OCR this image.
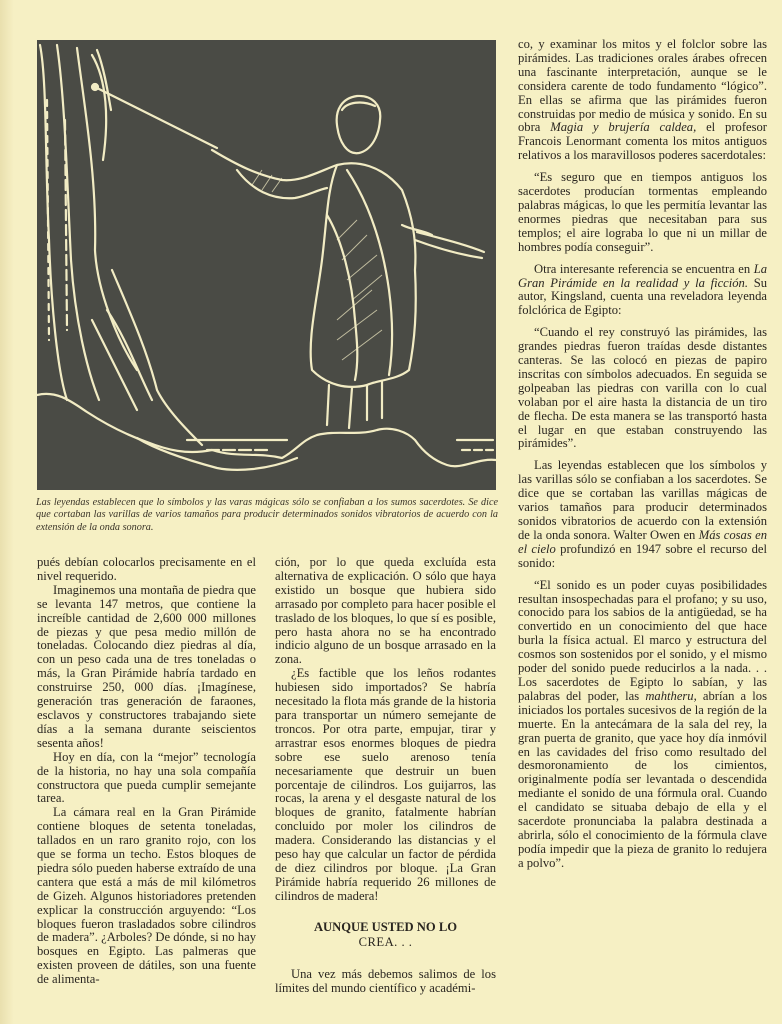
Las leyendas establecen que lo símbolos y las varas mágicas sólo se confiaban a los sumos sacerdotes. Se dice que cortaban las varillas de varios tamaños para producir determinados sonidos vibratorios de acuerdo con la extensión de la onda sonora.

pués debían colocarlos precisamente en el nivel requerido.

Imaginemos una montaña de piedra que se levanta 147 metros, que contiene la increíble cantidad de 2,600 000 millones de piezas y que pesa medio millón de toneladas. Colocando diez piedras al día, con un peso cada una de tres toneladas o más, la Gran Pirámide habría tardado en construirse 250, 000 días. ¡Imagínese, generación tras generación de faraones, esclavos y constructores trabajando siete días a la semana durante seiscientos sesenta años!

Hoy en día, con la “mejor” tecnología de la historia, no hay una sola compañía constructora que pueda cumplir semejante tarea.

La cámara real en la Gran Pirámide contiene bloques de setenta toneladas, tallados en un raro granito rojo, con los que se forma un techo. Estos bloques de piedra sólo pueden haberse extraído de una cantera que está a más de mil kilómetros de Gizeh. Algunos historiadores pretenden explicar la construcción arguyendo: “Los bloques fueron trasladados sobre cilindros de madera”. ¿Arboles? De dónde, si no hay bosques en Egipto. Las palmeras que existen proveen de dátiles, son una fuente de alimenta-

ción, por lo que queda excluída esta alternativa de explicación. O sólo que haya existido un bosque que hubiera sido arrasado por completo para hacer posible el traslado de los bloques, lo que sí es posible, pero hasta ahora no se ha encontrado indicio alguno de un bosque arrasado en la zona.

¿Es factible que los leños rodantes hubiesen sido importados? Se habría necesitado la flota más grande de la historia para transportar un número semejante de troncos. Por otra parte, empujar, tirar y arrastrar esos enormes bloques de piedra sobre ese suelo arenoso tenía necesariamente que destruir un buen porcentaje de cilindros. Los guijarros, las rocas, la arena y el desgaste natural de los bloques de granito, fatalmente habrían concluido por moler los cilindros de madera. Considerando las distancias y el peso hay que calcular un factor de pérdida de diez cilindros por bloque. ¡La Gran Pirámide habría requerido 26 millones de cilindros de madera!

AUNQUE USTED NO LO
CREA. . .

Una vez más debemos salimos de los límites del mundo científico y académi-

co, y examinar los mitos y el folclor sobre las pirámides. Las tradiciones orales árabes ofrecen una fascinante interpretación, aunque se le considera carente de todo fundamento “lógico”. En ellas se afirma que las pirámides fueron construidas por medio de música y sonido. En su obra Magia y brujería caldea, el profesor Francois Lenormant comenta los mitos antiguos relativos a los maravillosos poderes sacerdotales:

“Es seguro que en tiempos antiguos los sacerdotes producían tormentas empleando palabras mágicas, lo que les permitía levantar las enormes piedras que necesitaban para sus templos; el aire lograba lo que ni un millar de hombres podía conseguir”.

Otra interesante referencia se encuentra en La Gran Pirámide en la realidad y la ficción. Su autor, Kingsland, cuenta una reveladora leyenda folclórica de Egipto:

“Cuando el rey construyó las pirámides, las grandes piedras fueron traídas desde distantes canteras. Se las colocó en piezas de papiro inscritas con símbolos adecuados. En seguida se golpeaban las piedras con varilla con lo cual volaban por el aire hasta la distancia de un tiro de flecha. De esta manera se las transportó hasta el lugar en que estaban construyendo las pirámides”.

Las leyendas establecen que los símbolos y las varillas sólo se confiaban a los sacerdotes. Se dice que se cortaban las varillas mágicas de varios tamaños para producir determinados sonidos vibratorios de acuerdo con la extensión de la onda sonora. Walter Owen en Más cosas en el cielo profundizó en 1947 sobre el recurso del sonido:

“El sonido es un poder cuyas posibilidades resultan insospechadas para el profano; y su uso, conocido para los sabios de la antigüedad, se ha convertido en un conocimiento del que hace burla la física actual. El marco y estructura del cosmos son sostenidos por el sonido, y el mismo poder del sonido puede reducirlos a la nada. . . Los sacerdotes de Egipto lo sabían, y las palabras del poder, las mahtheru, abrían a los iniciados los portales sucesivos de la región de la muerte. En la antecámara de la sala del rey, la gran puerta de granito, que yace hoy día inmóvil en las cavidades del friso como resultado del desmoronamiento de los cimientos, originalmente podía ser levantada o descendida mediante el sonido de una fórmula oral. Cuando el candidato se situaba debajo de ella y el sacerdote pronunciaba la palabra destinada a abrirla, sólo el conocimiento de la fórmula clave podía impedir que la pieza de granito lo redujera a polvo”.
